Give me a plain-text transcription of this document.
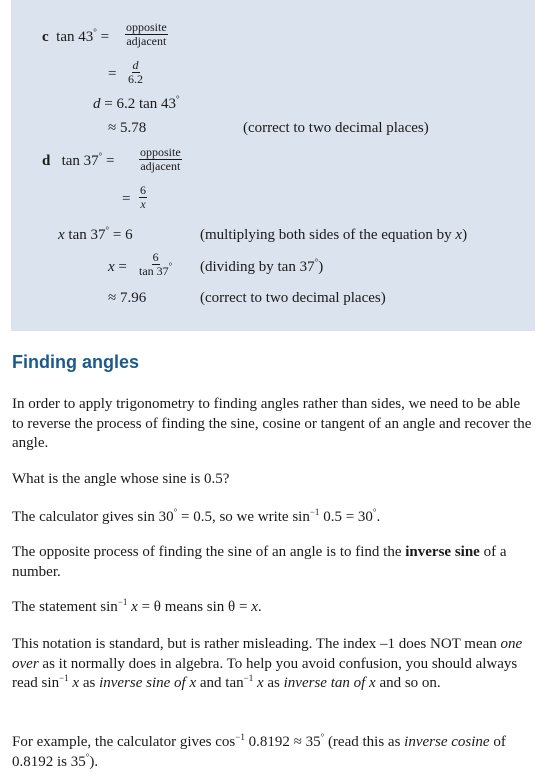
c tan 43° =
opposite
adjacent
= $\frac{d}{6.2}$
d = 6.2 tan 43°
≈ 5.78	(correct to two decimal places)
d tan 37° =
opposite
adjacent
= $\frac{6}{x}$
x tan 37° = 6	(multiplying both sides of the equation by x)
$x = \frac{6}{\tan 37^\circ}$ (dividing by tan 37°)
≈ 7.96	(correct to two decimal places)
Finding angles

In order to apply trigonometry to finding angles rather than sides, we need to be able to reverse the process of finding the sine, cosine or tangent of an angle and recover the angle.

What is the angle whose sine is 0.5?

The calculator gives sin 30° = 0.5, so we write $\sin^{-1} 0.5 = 30^\circ$.

The opposite process of finding the sine of an angle is to find the inverse sine of a number.

The statement $\sin^{-1} x = \theta$ means sin θ = x.

This notation is standard, but is rather misleading. The index –1 does NOT mean one over as it normally does in algebra. To help you avoid confusion, you should always read $\sin^{-1} x$ as inverse sine of x and $\tan^{-1} x$ as inverse tan of x and so on.

For example, the calculator gives $\cos^{-1} 0.8192 \approx 35^\circ$ (read this as inverse cosine of 0.8192 is 35°).
